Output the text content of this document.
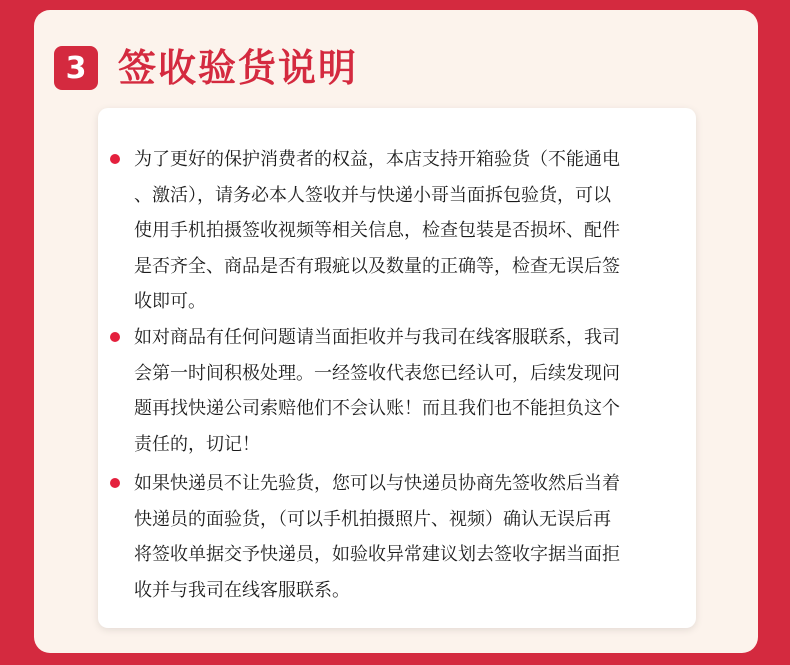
3 签收验货说明

为了更好的保护消费者的权益，本店支持开箱验货（不能通电
、激活），请务必本人签收并与快递小哥当面拆包验货，可以
使用手机拍摄签收视频等相关信息，检查包装是否损坏、配件
是否齐全、商品是否有瑕疵以及数量的正确等，检查无误后签
收即可。

如对商品有任何问题请当面拒收并与我司在线客服联系，我司
会第一时间积极处理。一经签收代表您已经认可，后续发现问
题再找快递公司索赔他们不会认账！而且我们也不能担负这个
责任的，切记！

如果快递员不让先验货，您可以与快递员协商先签收然后当着
快递员的面验货，（可以手机拍摄照片、视频）确认无误后再
将签收单据交予快递员，如验收异常建议划去签收字据当面拒
收并与我司在线客服联系。
